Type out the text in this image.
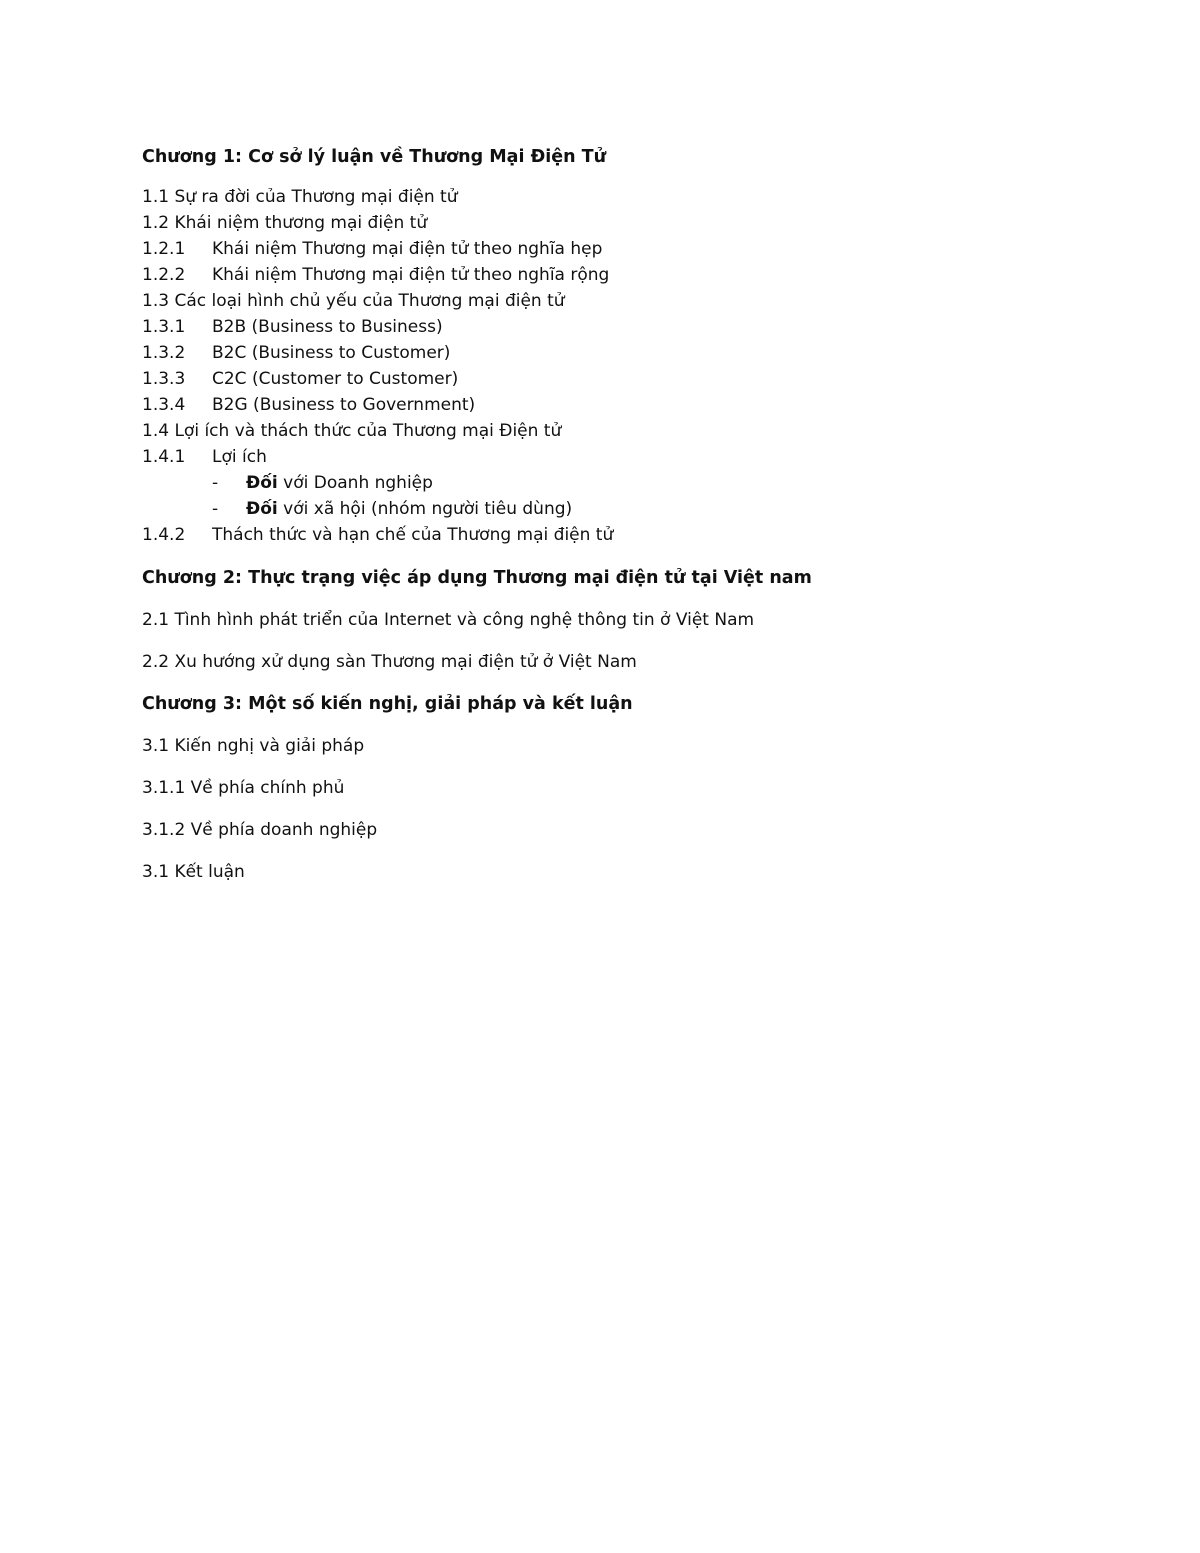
Chương 1: Cơ sở lý luận về Thương Mại Điện Tử
1.1 Sự ra đời của Thương mại điện tử
1.2 Khái niệm thương mại điện tử
1.2.1 Khái niệm Thương mại điện tử theo nghĩa hẹp
1.2.2 Khái niệm Thương mại điện tử theo nghĩa rộng
1.3 Các loại hình chủ yếu của Thương mại điện tử
1.3.1 B2B (Business to Business)
1.3.2 B2C (Business to Customer)
1.3.3 C2C (Customer to Customer)
1.3.4 B2G (Business to Government)
1.4 Lợi ích và thách thức của Thương mại Điện tử
1.4.1 Lợi ích
- Đối với Doanh nghiệp
- Đối với xã hội (nhóm người tiêu dùng)
1.4.2 Thách thức và hạn chế của Thương mại điện tử
Chương 2: Thực trạng việc áp dụng Thương mại điện tử tại Việt nam
2.1 Tình hình phát triển của Internet và công nghệ thông tin ở Việt Nam
2.2 Xu hướng xử dụng sàn Thương mại điện tử ở Việt Nam
Chương 3: Một số kiến nghị, giải pháp và kết luận
3.1 Kiến nghị và giải pháp
3.1.1 Về phía chính phủ
3.1.2 Về phía doanh nghiệp
3.1 Kết luận
